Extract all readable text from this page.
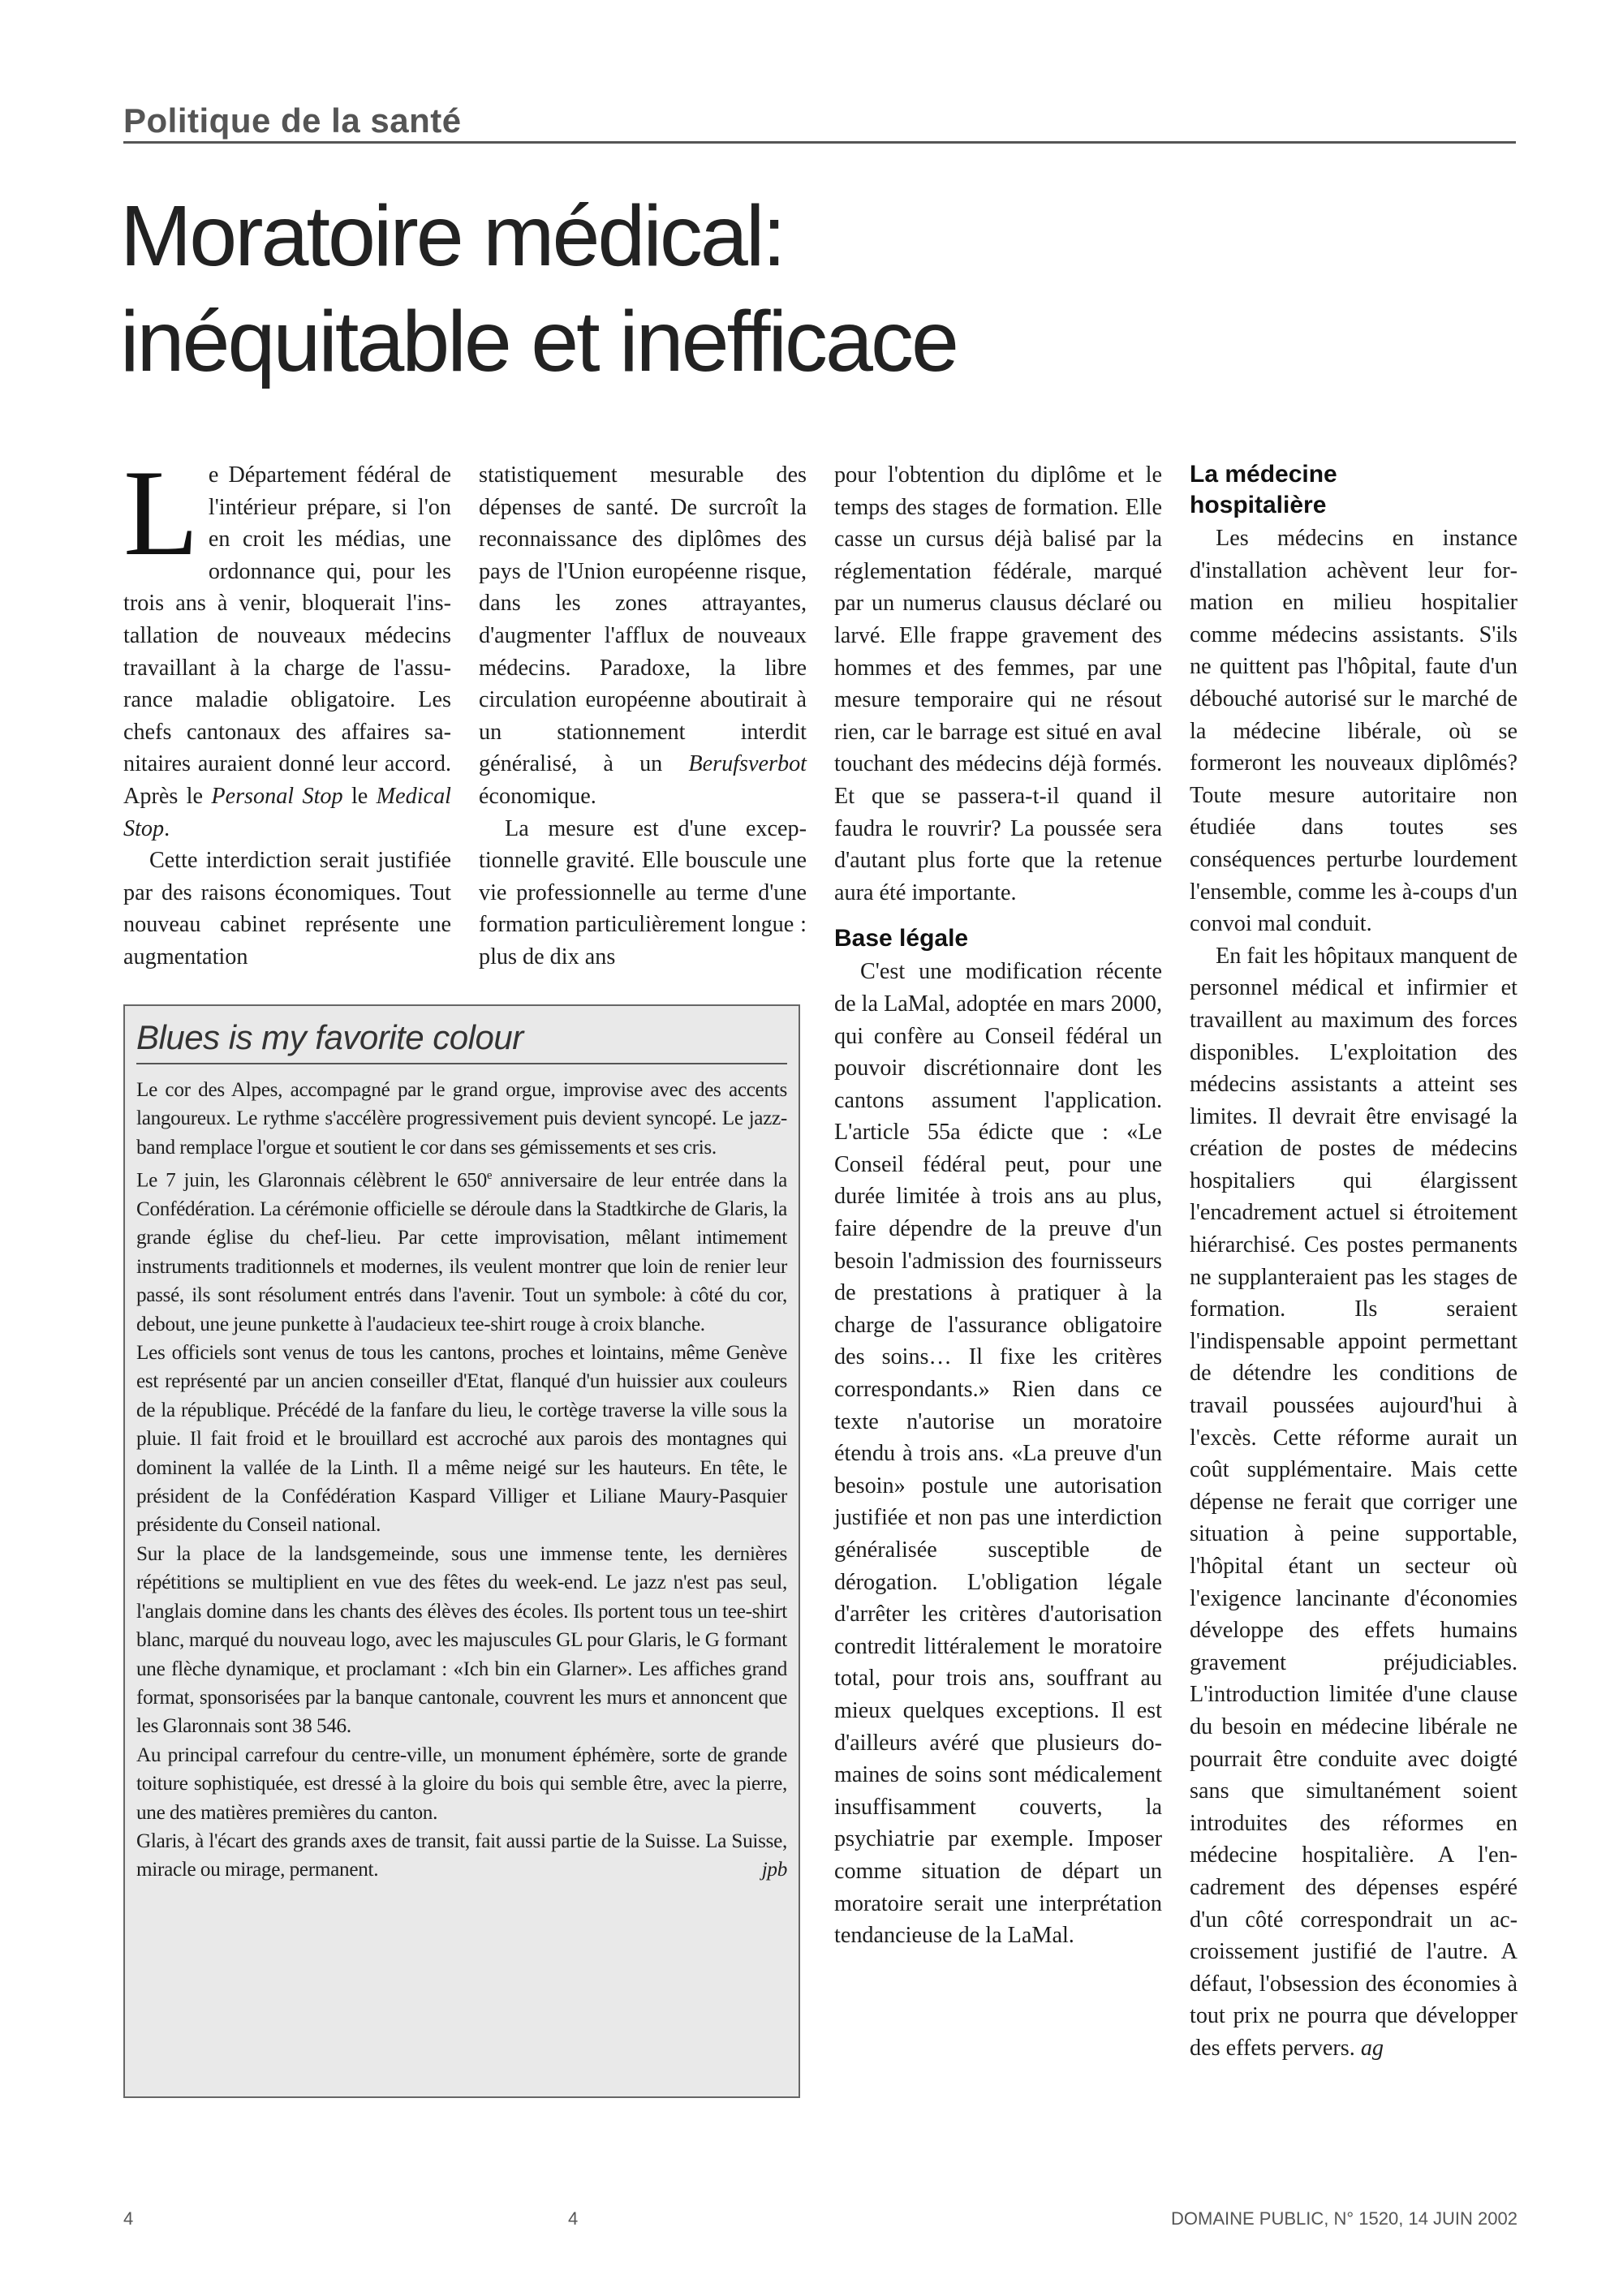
Politique de la santé
Moratoire médical:
inéquitable et inefficace

Le Département fédéral de l'intérieur prépare, si l'on en croit les médias, une ordonnance qui, pour les trois ans à venir, bloquerait l'installation de nouveaux médecins travaillant à la charge de l'assurance maladie obligatoire. Les chefs cantonaux des affaires sanitaires auraient donné leur accord. Après le Personal Stop le Medical Stop.

Cette interdiction serait justifiée par des raisons économiques. Tout nouveau cabinet représente une augmentation

statistiquement mesurable des dépenses de santé. De surcroît la reconnaissance des diplômes des pays de l'Union européenne risque, dans les zones attrayantes, d'augmenter l'afflux de nouveaux médecins. Paradoxe, la libre circulation européenne aboutirait à un stationnement interdit généralisé, à un Berufsverbot économique.

La mesure est d'une exceptionnelle gravité. Elle bouscule une vie professionnelle au terme d'une formation particulièrement longue : plus de dix ans

pour l'obtention du diplôme et le temps des stages de formation. Elle casse un cursus déjà balisé par la réglementation fédérale, marqué par un numerus clausus déclaré ou larvé. Elle frappe gravement des hommes et des femmes, par une mesure temporaire qui ne résout rien, car le barrage est situé en aval touchant des médecins déjà formés. Et que se passera-t-il quand il faudra le rouvrir? La poussée sera d'autant plus forte que la retenue aura été importante.

Base légale

C'est une modification récente de la LaMal, adoptée en mars 2000, qui confère au Conseil fédéral un pouvoir discrétionnaire dont les cantons assument l'application. L'article 55a édicte que : «Le Conseil fédéral peut, pour une durée limitée à trois ans au plus, faire dépendre de la preuve d'un besoin l'admission des fournisseurs de prestations à pratiquer à la charge de l'assurance obligatoire des soins… Il fixe les critères correspondants.» Rien dans ce texte n'autorise un moratoire étendu à trois ans. «La preuve d'un besoin» postule une autorisation justifiée et non pas une interdiction généralisée susceptible de dérogation. L'obligation légale d'arrêter les critères d'autorisation contredit littéralement le moratoire total, pour trois ans, souffrant au mieux quelques exceptions. Il est d'ailleurs avéré que plusieurs domaines de soins sont médicalement insuffisamment couverts, la psychiatrie par exemple. Imposer comme situation de départ un moratoire serait une interprétation tendancieuse de la LaMal.

La médecine hospitalière

Les médecins en instance d'installation achèvent leur formation en milieu hospitalier comme médecins assistants. S'ils ne quittent pas l'hôpital, faute d'un débouché autorisé sur le marché de la médecine libérale, où se formeront les nouveaux diplômés? Toute mesure autoritaire non étudiée dans toutes ses conséquences perturbe lourdement l'ensemble, comme les à-coups d'un convoi mal conduit.

En fait les hôpitaux manquent de personnel médical et infirmier et travaillent au maximum des forces disponibles. L'exploitation des médecins assistants a atteint ses limites. Il devrait être envisagé la création de postes de médecins hospitaliers qui élargissent l'encadrement actuel si étroitement hiérarchisé. Ces postes permanents ne supplanteraient pas les stages de formation. Ils seraient l'indispensable appoint permettant de détendre les conditions de travail poussées aujourd'hui à l'excès. Cette réforme aurait un coût supplémentaire. Mais cette dépense ne ferait que corriger une situation à peine supportable, l'hôpital étant un secteur où l'exigence lancinante d'économies développe des effets humains gravement préjudiciables. L'introduction limitée d'une clause du besoin en médecine libérale ne pourrait être conduite avec doigté sans que simultanément soient introduites des réformes en médecine hospitalière. A l'encadrement des dépenses espéré d'un côté correspondrait un accroissement justifié de l'autre. A défaut, l'obsession des économies à tout prix ne pourra que développer des effets pervers. ag

Blues is my favorite colour

Le cor des Alpes, accompagné par le grand orgue, improvise avec des accents langoureux. Le rythme s'accélère progressivement puis devient syncopé. Le jazz-band remplace l'orgue et soutient le cor dans ses gémissements et ses cris.

Le 7 juin, les Glaronnais célèbrent le 650e anniversaire de leur entrée dans la Confédération. La cérémonie officielle se déroule dans la Stadtkirche de Glaris, la grande église du chef-lieu. Par cette improvisation, mêlant intimement instruments traditionnels et modernes, ils veulent montrer que loin de renier leur passé, ils sont résolument entrés dans l'avenir. Tout un symbole: à côté du cor, debout, une jeune punkette à l'audacieux tee-shirt rouge à croix blanche.

Les officiels sont venus de tous les cantons, proches et lointains, même Genève est représenté par un ancien conseiller d'Etat, flanqué d'un huissier aux couleurs de la république. Précédé de la fanfare du lieu, le cortège traverse la ville sous la pluie. Il fait froid et le brouillard est accroché aux parois des montagnes qui dominent la vallée de la Linth. Il a même neigé sur les hauteurs. En tête, le président de la Confédération Kaspard Villiger et Liliane Maury-Pasquier présidente du Conseil national.

Sur la place de la landsgemeinde, sous une immense tente, les dernières répétitions se multiplient en vue des fêtes du week-end. Le jazz n'est pas seul, l'anglais domine dans les chants des élèves des écoles. Ils portent tous un tee-shirt blanc, marqué du nouveau logo, avec les majuscules GL pour Glaris, le G formant une flèche dynamique, et proclamant : «Ich bin ein Glarner». Les affiches grand format, sponsorisées par la banque cantonale, couvrent les murs et annoncent que les Glaronnais sont 38 546.

Au principal carrefour du centre-ville, un monument éphémère, sorte de grande toiture sophistiquée, est dressé à la gloire du bois qui semble être, avec la pierre, une des matières premières du canton.

Glaris, à l'écart des grands axes de transit, fait aussi partie de la Suisse. La Suisse, miracle ou mirage, permanent.	jpb

4	4	DOMAINE PUBLIC, N° 1520, 14 JUIN 2002
